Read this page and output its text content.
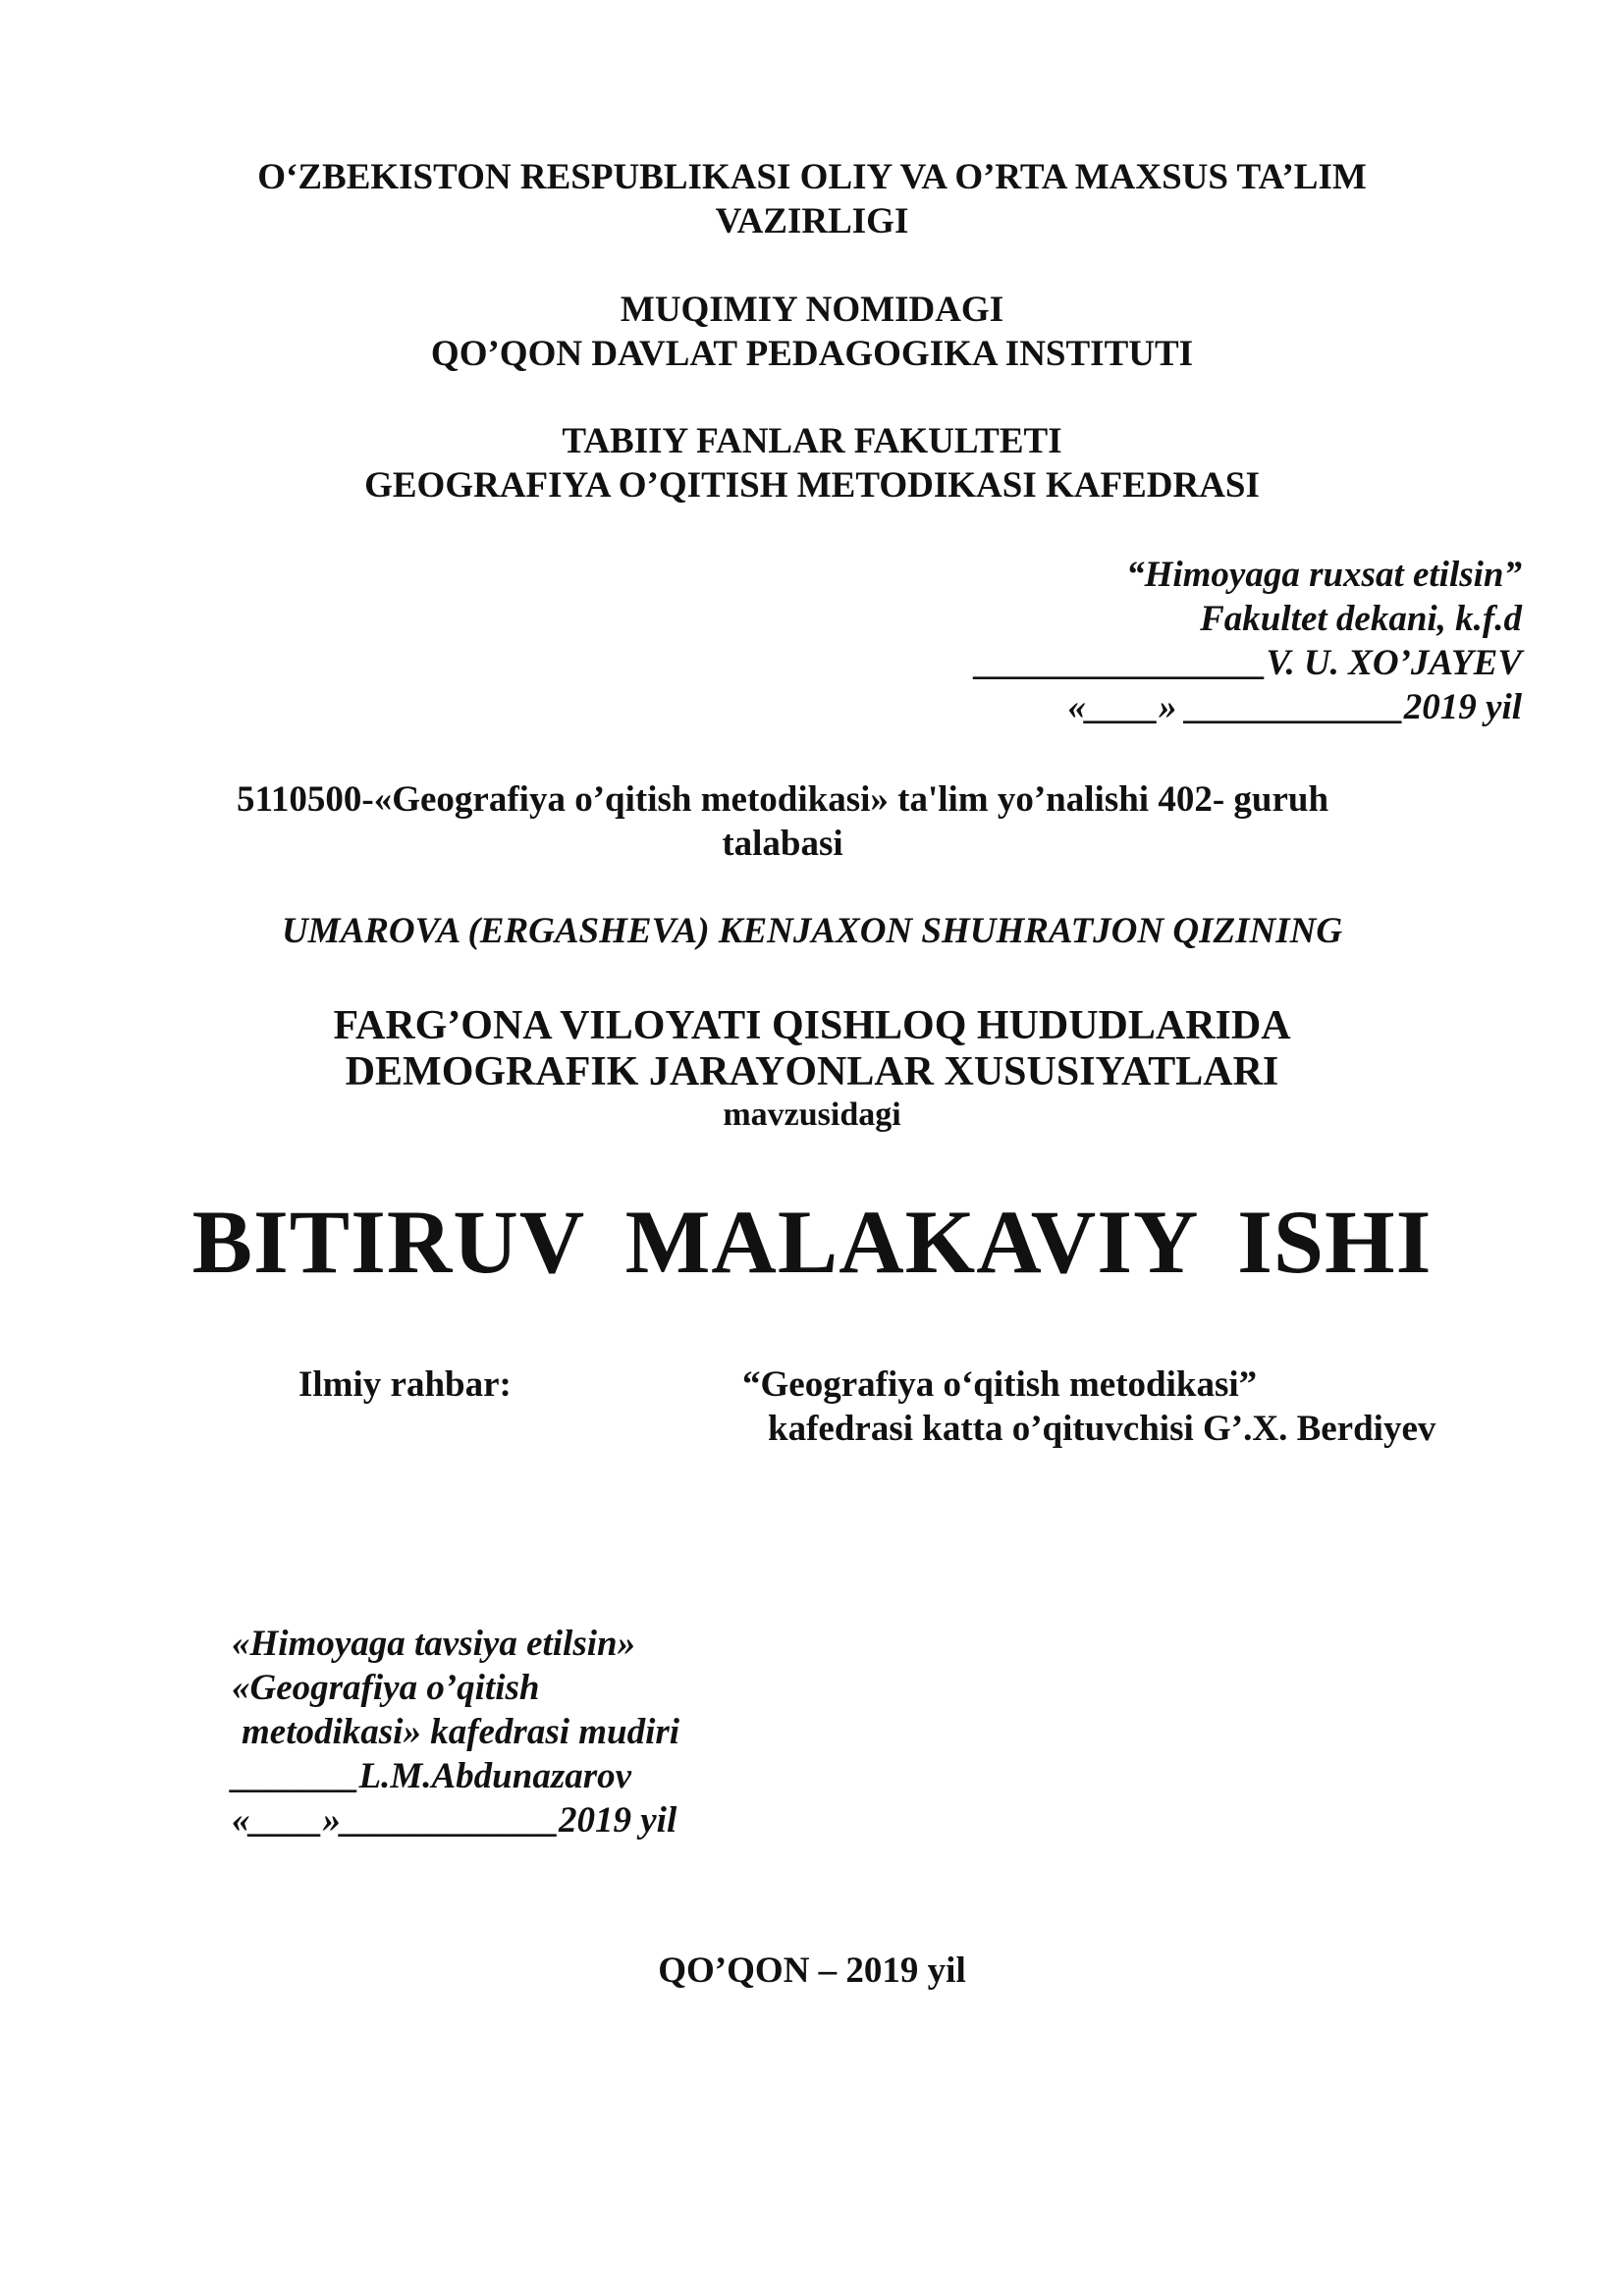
O‘ZBEKISTON RESPUBLIKASI OLIY VA O’RTA MAXSUS TA’LIM
VAZIRLIGI
MUQIMIY NOMIDAGI
QO’QON DAVLAT PEDAGOGIKA INSTITUTI
TABIIY FANLAR FAKULTETI
GEOGRAFIYA O’QITISH METODIKASI KAFEDRASI
“Himoyaga ruxsat etilsin”
Fakultet dekani, k.f.d
________________V. U. XO’JAYEV
«____» ____________2019 yil
5110500-«Geografiya o’qitish metodikasi» ta'lim yo’nalishi 402- guruh
talabasi
UMAROVA (ERGASHEVA) KENJAXON SHUHRATJON QIZINING
FARG’ONA VILOYATI QISHLOQ HUDUDLARIDA
DEMOGRAFIK JARAYONLAR XUSUSIYATLARI
mavzusidagi
BITIRUV MALAKAVIY ISHI
Ilmiy rahbar:	“Geografiya o‘qitish metodikasi”
kafedrasi katta o’qituvchisi G’.X. Berdiyev
«Himoyaga tavsiya etilsin»
«Geografiya o’qitish
metodikasi» kafedrasi mudiri
_______L.M.Abdunazarov
«____»____________2019 yil
QO’QON – 2019 yil
